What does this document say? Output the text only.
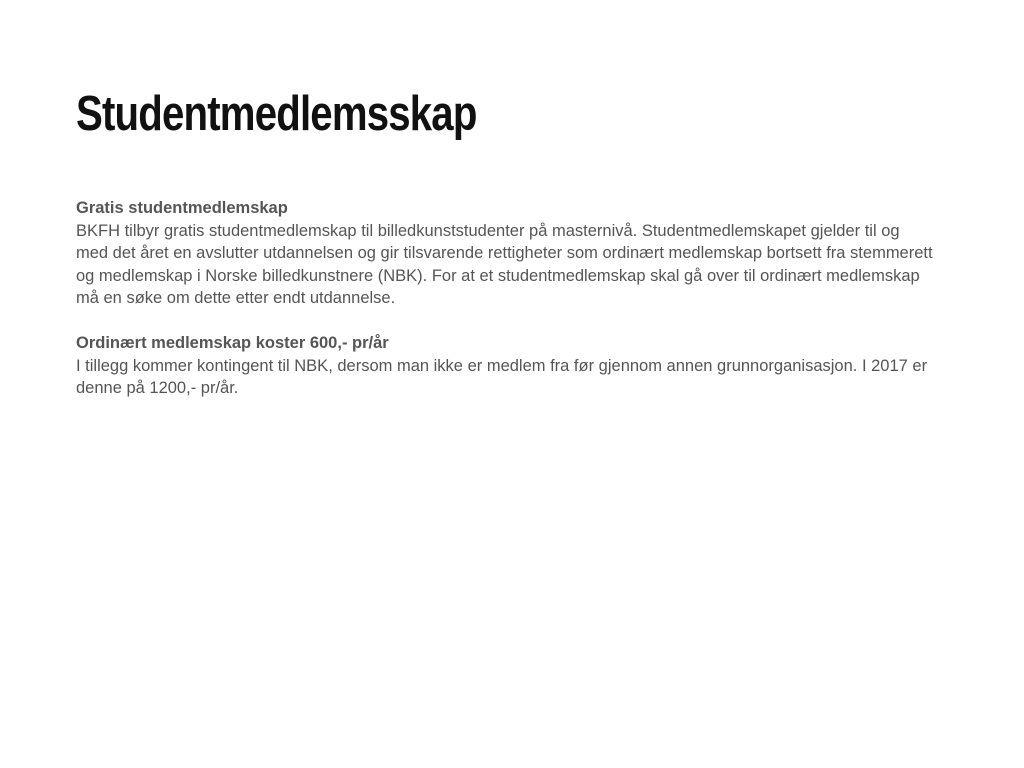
Studentmedlemsskap

Gratis studentmedlemskap

BKFH tilbyr gratis studentmedlemskap til billedkunststudenter på masternivå. Studentmedlemskapet gjelder til og med det året en avslutter utdannelsen og gir tilsvarende rettigheter som ordinært medlemskap bortsett fra stemmerett og medlemskap i Norske billedkunstnere (NBK). For at et studentmedlemskap skal gå over til ordinært medlemskap må en søke om dette etter endt utdannelse.

Ordinært medlemskap koster 600,- pr/år

I tillegg kommer kontingent til NBK, dersom man ikke er medlem fra før gjennom annen grunnorganisasjon. I 2017 er denne på 1200,- pr/år.
